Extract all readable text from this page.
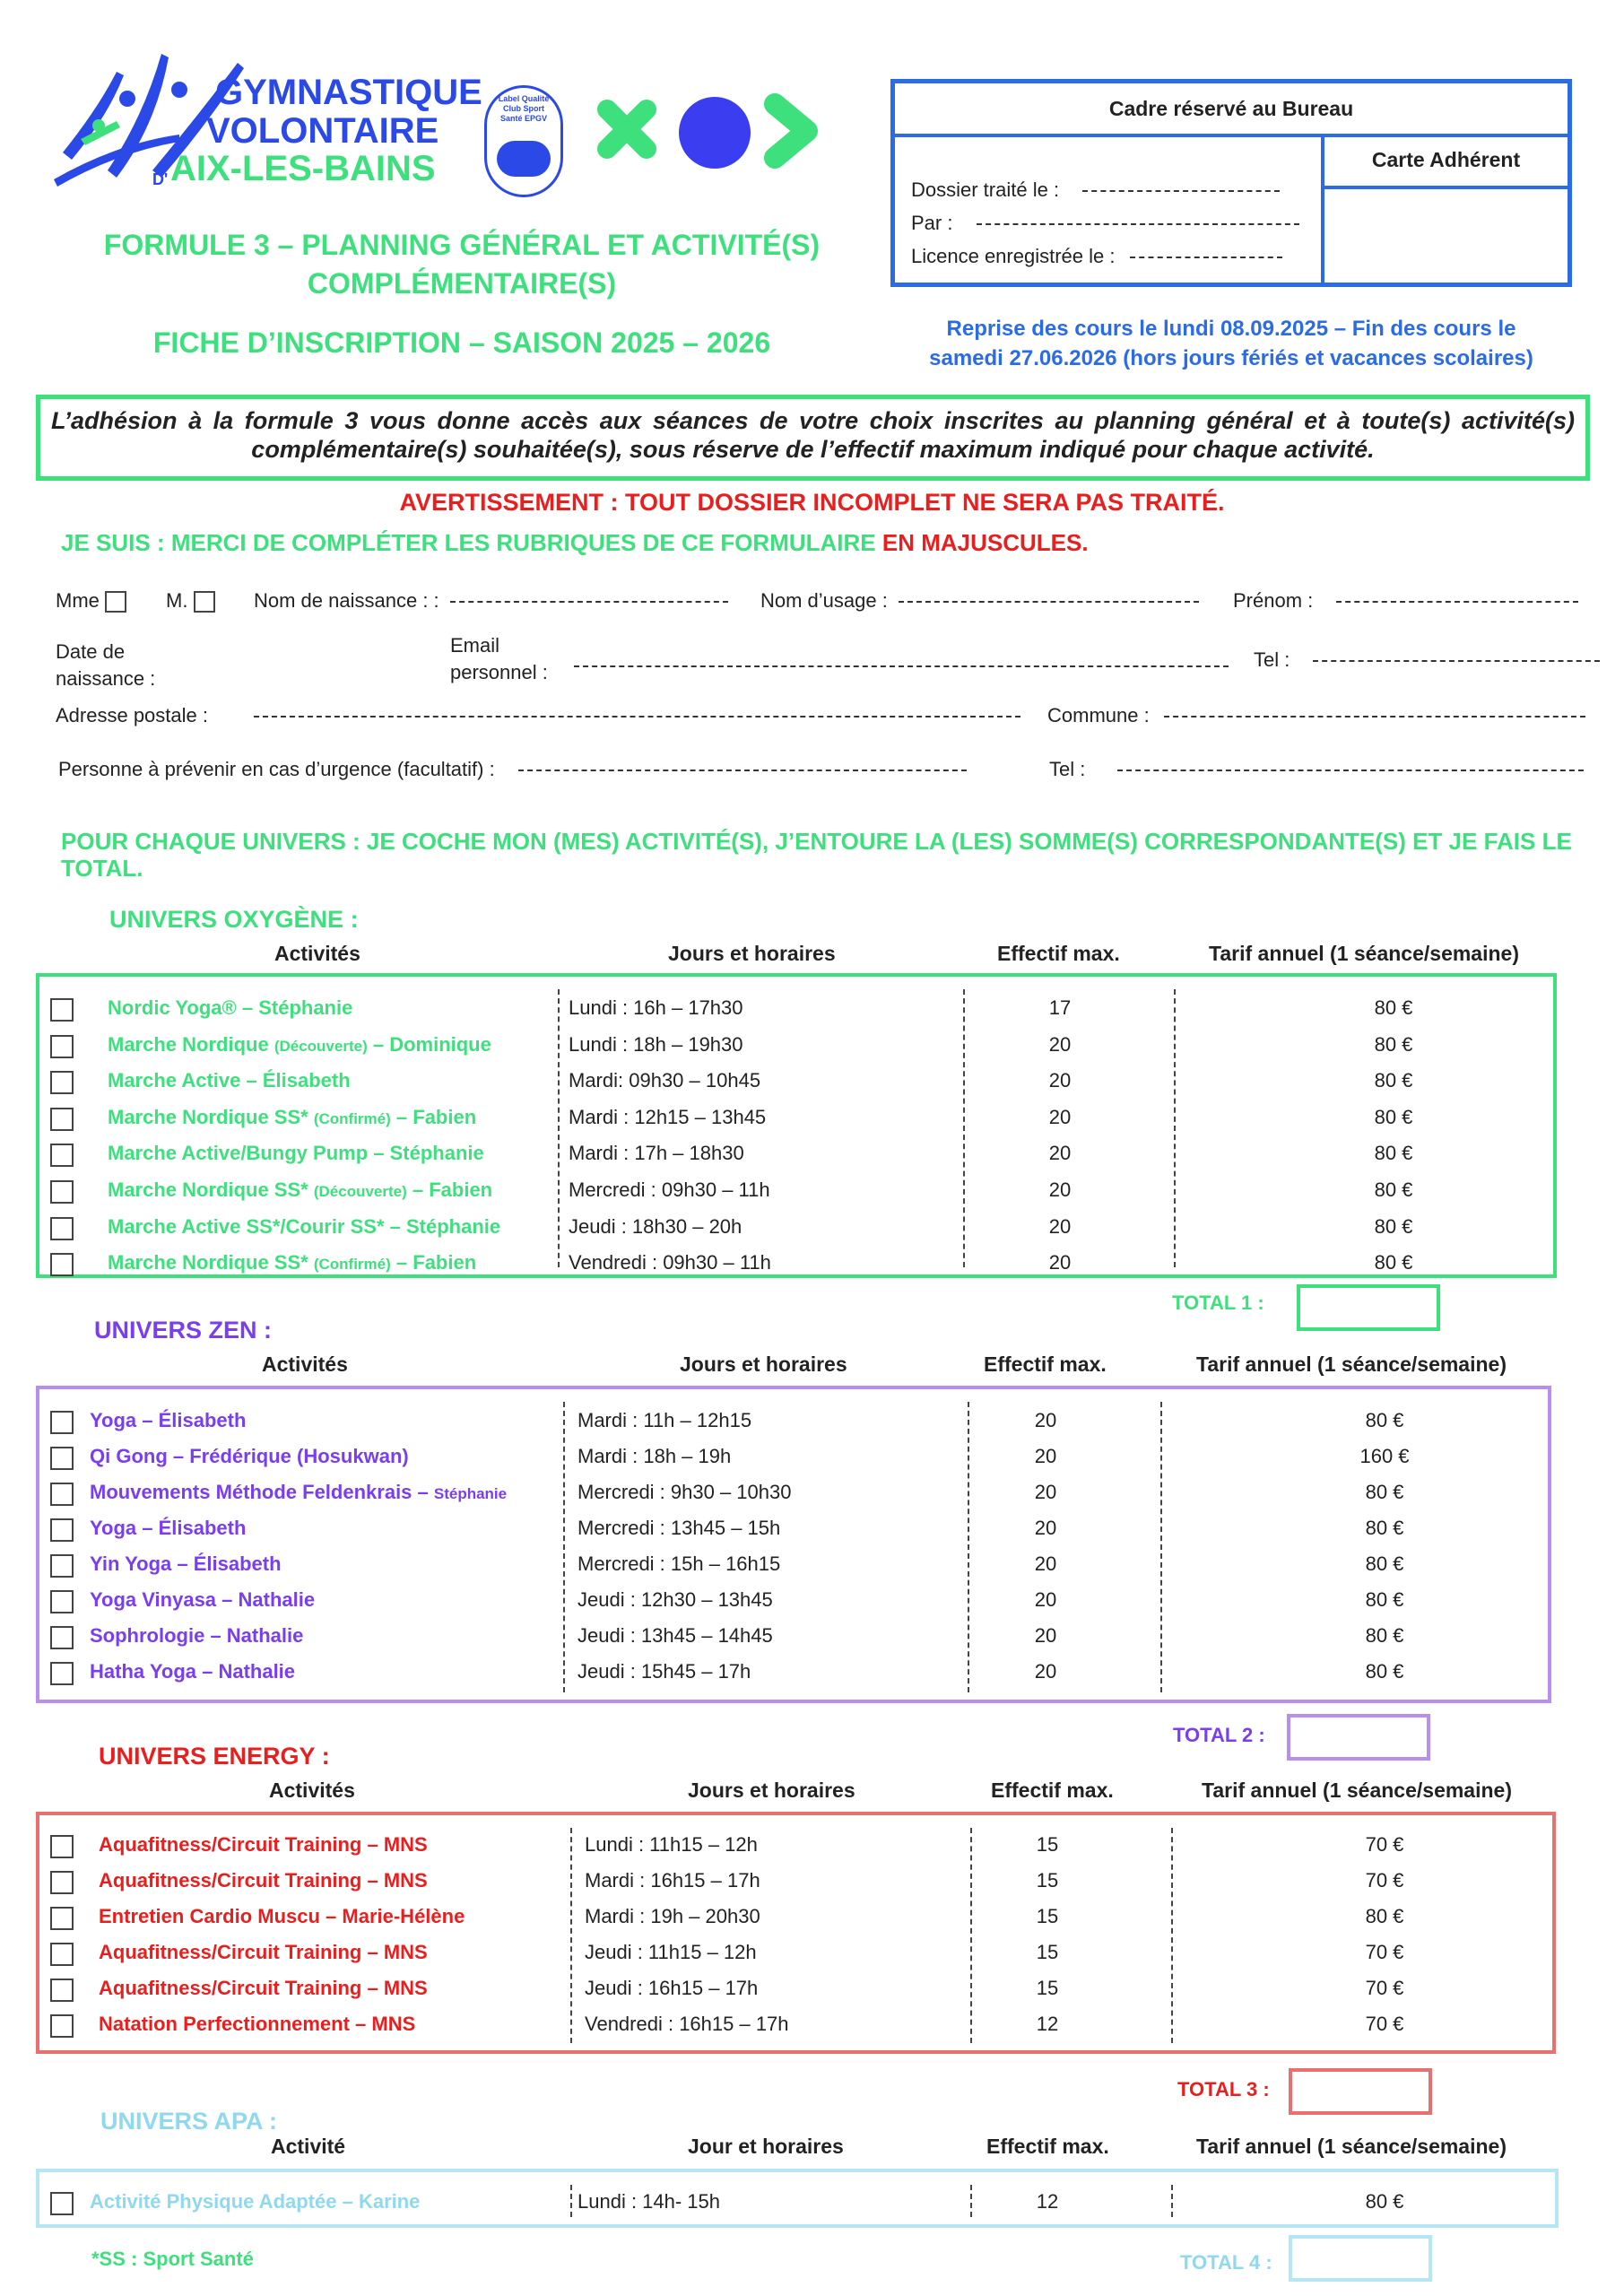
GYMNASTIQUE
VOLONTAIRE
D' AIX-LES-BAINS
Label Qualité Club Sport Santé EPGV
FORMULE 3 – PLANNING GÉNÉRAL ET ACTIVITÉ(S)
COMPLÉMENTAIRE(S)
FICHE D’INSCRIPTION – SAISON 2025 – 2026
Cadre réservé au Bureau
Carte Adhérent
Dossier traité le :
Par :
Licence enregistrée le :
Reprise des cours le lundi 08.09.2025 – Fin des cours le
samedi 27.06.2026 (hors jours fériés et vacances scolaires)
L’adhésion à la formule 3 vous donne accès aux séances de votre choix inscrites au planning général et à toute(s) activité(s) complémentaire(s) souhaitée(s), sous réserve de l’effectif maximum indiqué pour chaque activité.
AVERTISSEMENT : TOUT DOSSIER INCOMPLET NE SERA PAS TRAITÉ.
JE SUIS : MERCI DE COMPLÉTER LES RUBRIQUES DE CE FORMULAIRE EN MAJUSCULES.
Mme	M.	Nom de naissance : :	Nom d’usage :	Prénom :
Date de
naissance :
Email
personnel :
Tel :
Adresse postale :	Commune :
Personne à prévenir en cas d’urgence (facultatif) :	Tel :
POUR CHAQUE UNIVERS : JE COCHE MON (MES) ACTIVITÉ(S), J’ENTOURE LA (LES) SOMME(S) CORRESPONDANTE(S) ET JE FAIS LE TOTAL.
UNIVERS OXYGÈNE :
Activités	Jours et horaires	Effectif max.	Tarif annuel (1 séance/semaine)
Nordic Yoga® – Stéphanie	Lundi : 16h – 17h30	17	80 €
Marche Nordique (Découverte) – Dominique	Lundi : 18h – 19h30	20	80 €
Marche Active – Élisabeth	Mardi: 09h30 – 10h45	20	80 €
Marche Nordique SS* (Confirmé) – Fabien	Mardi : 12h15 – 13h45	20	80 €
Marche Active/Bungy Pump – Stéphanie	Mardi : 17h – 18h30	20	80 €
Marche Nordique SS* (Découverte) – Fabien	Mercredi : 09h30 – 11h	20	80 €
Marche Active SS*/Courir SS* – Stéphanie	Jeudi : 18h30 – 20h	20	80 €
Marche Nordique SS* (Confirmé) – Fabien	Vendredi : 09h30 – 11h	20	80 €
TOTAL 1 :
UNIVERS ZEN :
Activités	Jours et horaires	Effectif max.	Tarif annuel (1 séance/semaine)
Yoga – Élisabeth	Mardi : 11h – 12h15	20	80 €
Qi Gong – Frédérique (Hosukwan)	Mardi : 18h – 19h	20	160 €
Mouvements Méthode Feldenkrais – Stéphanie	Mercredi : 9h30 – 10h30	20	80 €
Yoga – Élisabeth	Mercredi : 13h45 – 15h	20	80 €
Yin Yoga – Élisabeth	Mercredi : 15h – 16h15	20	80 €
Yoga Vinyasa – Nathalie	Jeudi : 12h30 – 13h45	20	80 €
Sophrologie – Nathalie	Jeudi : 13h45 – 14h45	20	80 €
Hatha Yoga – Nathalie	Jeudi : 15h45 – 17h	20	80 €
TOTAL 2 :
UNIVERS ENERGY :
Activités	Jours et horaires	Effectif max.	Tarif annuel (1 séance/semaine)
Aquafitness/Circuit Training – MNS	Lundi : 11h15 – 12h	15	70 €
Aquafitness/Circuit Training – MNS	Mardi : 16h15 – 17h	15	70 €
Entretien Cardio Muscu – Marie-Hélène	Mardi : 19h – 20h30	15	80 €
Aquafitness/Circuit Training – MNS	Jeudi : 11h15 – 12h	15	70 €
Aquafitness/Circuit Training – MNS	Jeudi : 16h15 – 17h	15	70 €
Natation Perfectionnement – MNS	Vendredi : 16h15 – 17h	12	70 €
TOTAL 3 :
UNIVERS APA :
Activité	Jour et horaires	Effectif max.	Tarif annuel (1 séance/semaine)
Activité Physique Adaptée – Karine	Lundi : 14h- 15h	12	80 €
*SS : Sport Santé	TOTAL 4 :
